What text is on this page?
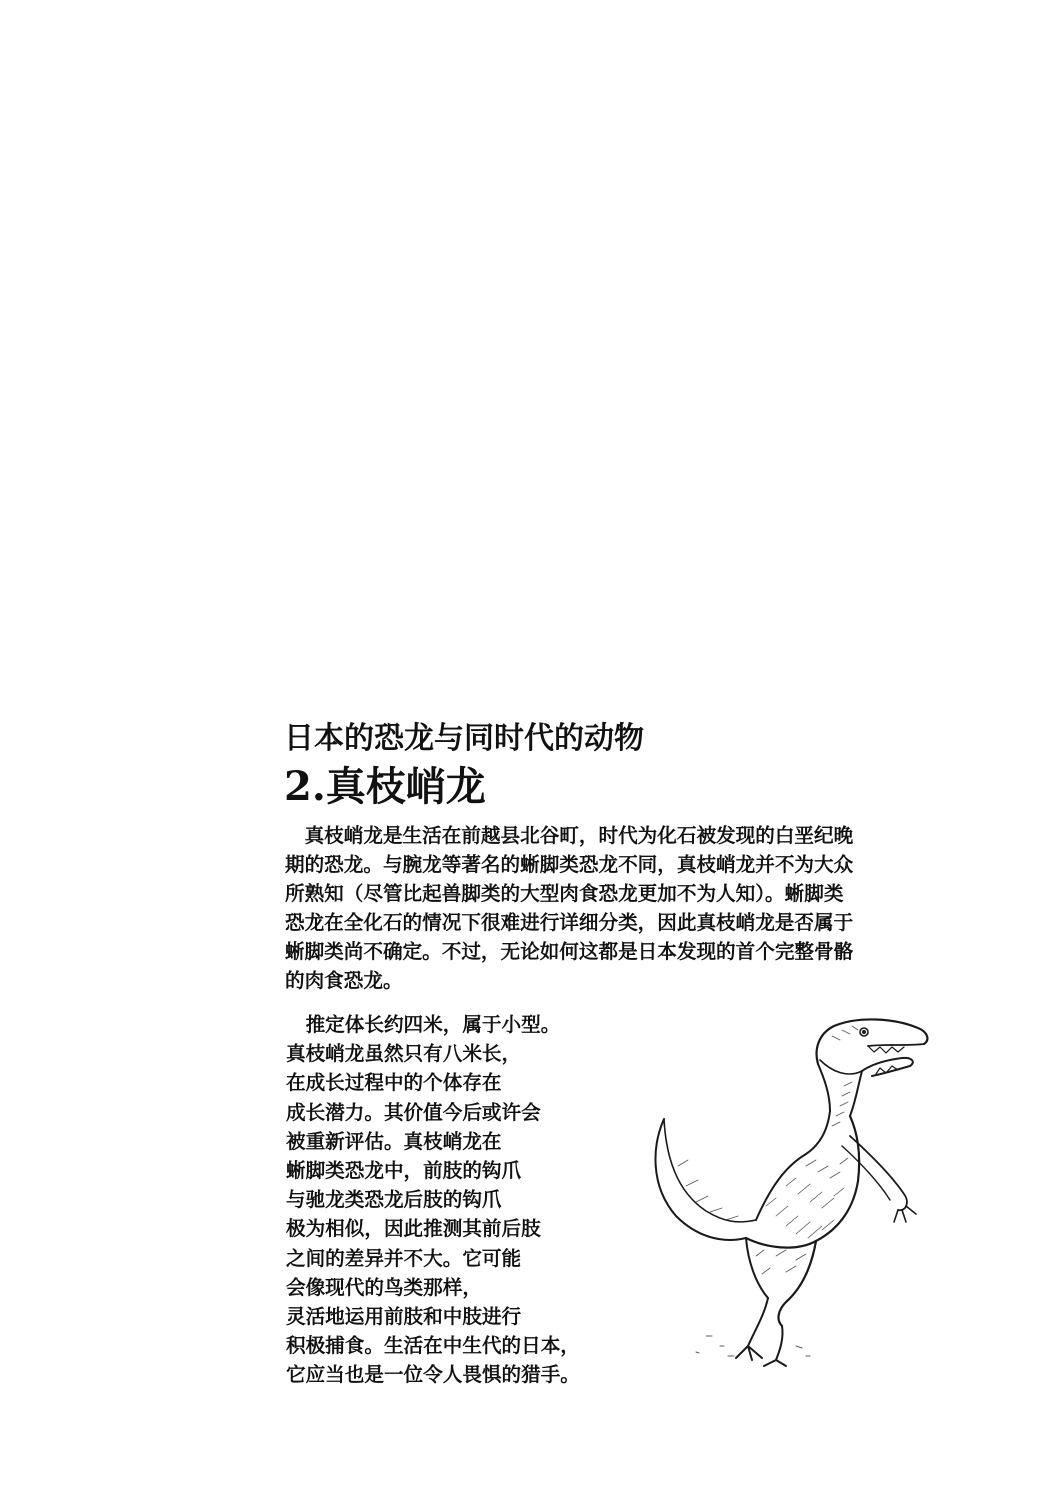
日本的恐龙与同时代的动物
2.真枝峭龙
　真枝峭龙是生活在前越县北谷町，时代为化石被发现的白垩纪晚
期的恐龙。与腕龙等著名的蜥脚类恐龙不同，真枝峭龙并不为大众
所熟知（尽管比起兽脚类的大型肉食恐龙更加不为人知）。蜥脚类
恐龙在全化石的情况下很难进行详细分类，因此真枝峭龙是否属于
蜥脚类尚不确定。不过，无论如何这都是日本发现的首个完整骨骼
的肉食恐龙。
　推定体长约四米，属于小型。
真枝峭龙虽然只有八米长，
在成长过程中的个体存在
成长潜力。其价值今后或许会
被重新评估。真枝峭龙在
蜥脚类恐龙中，前肢的钩爪
与驰龙类恐龙后肢的钩爪
极为相似，因此推测其前后肢
之间的差异并不大。它可能
会像现代的鸟类那样，
灵活地运用前肢和中肢进行
积极捕食。生活在中生代的日本，
它应当也是一位令人畏惧的猎手。
